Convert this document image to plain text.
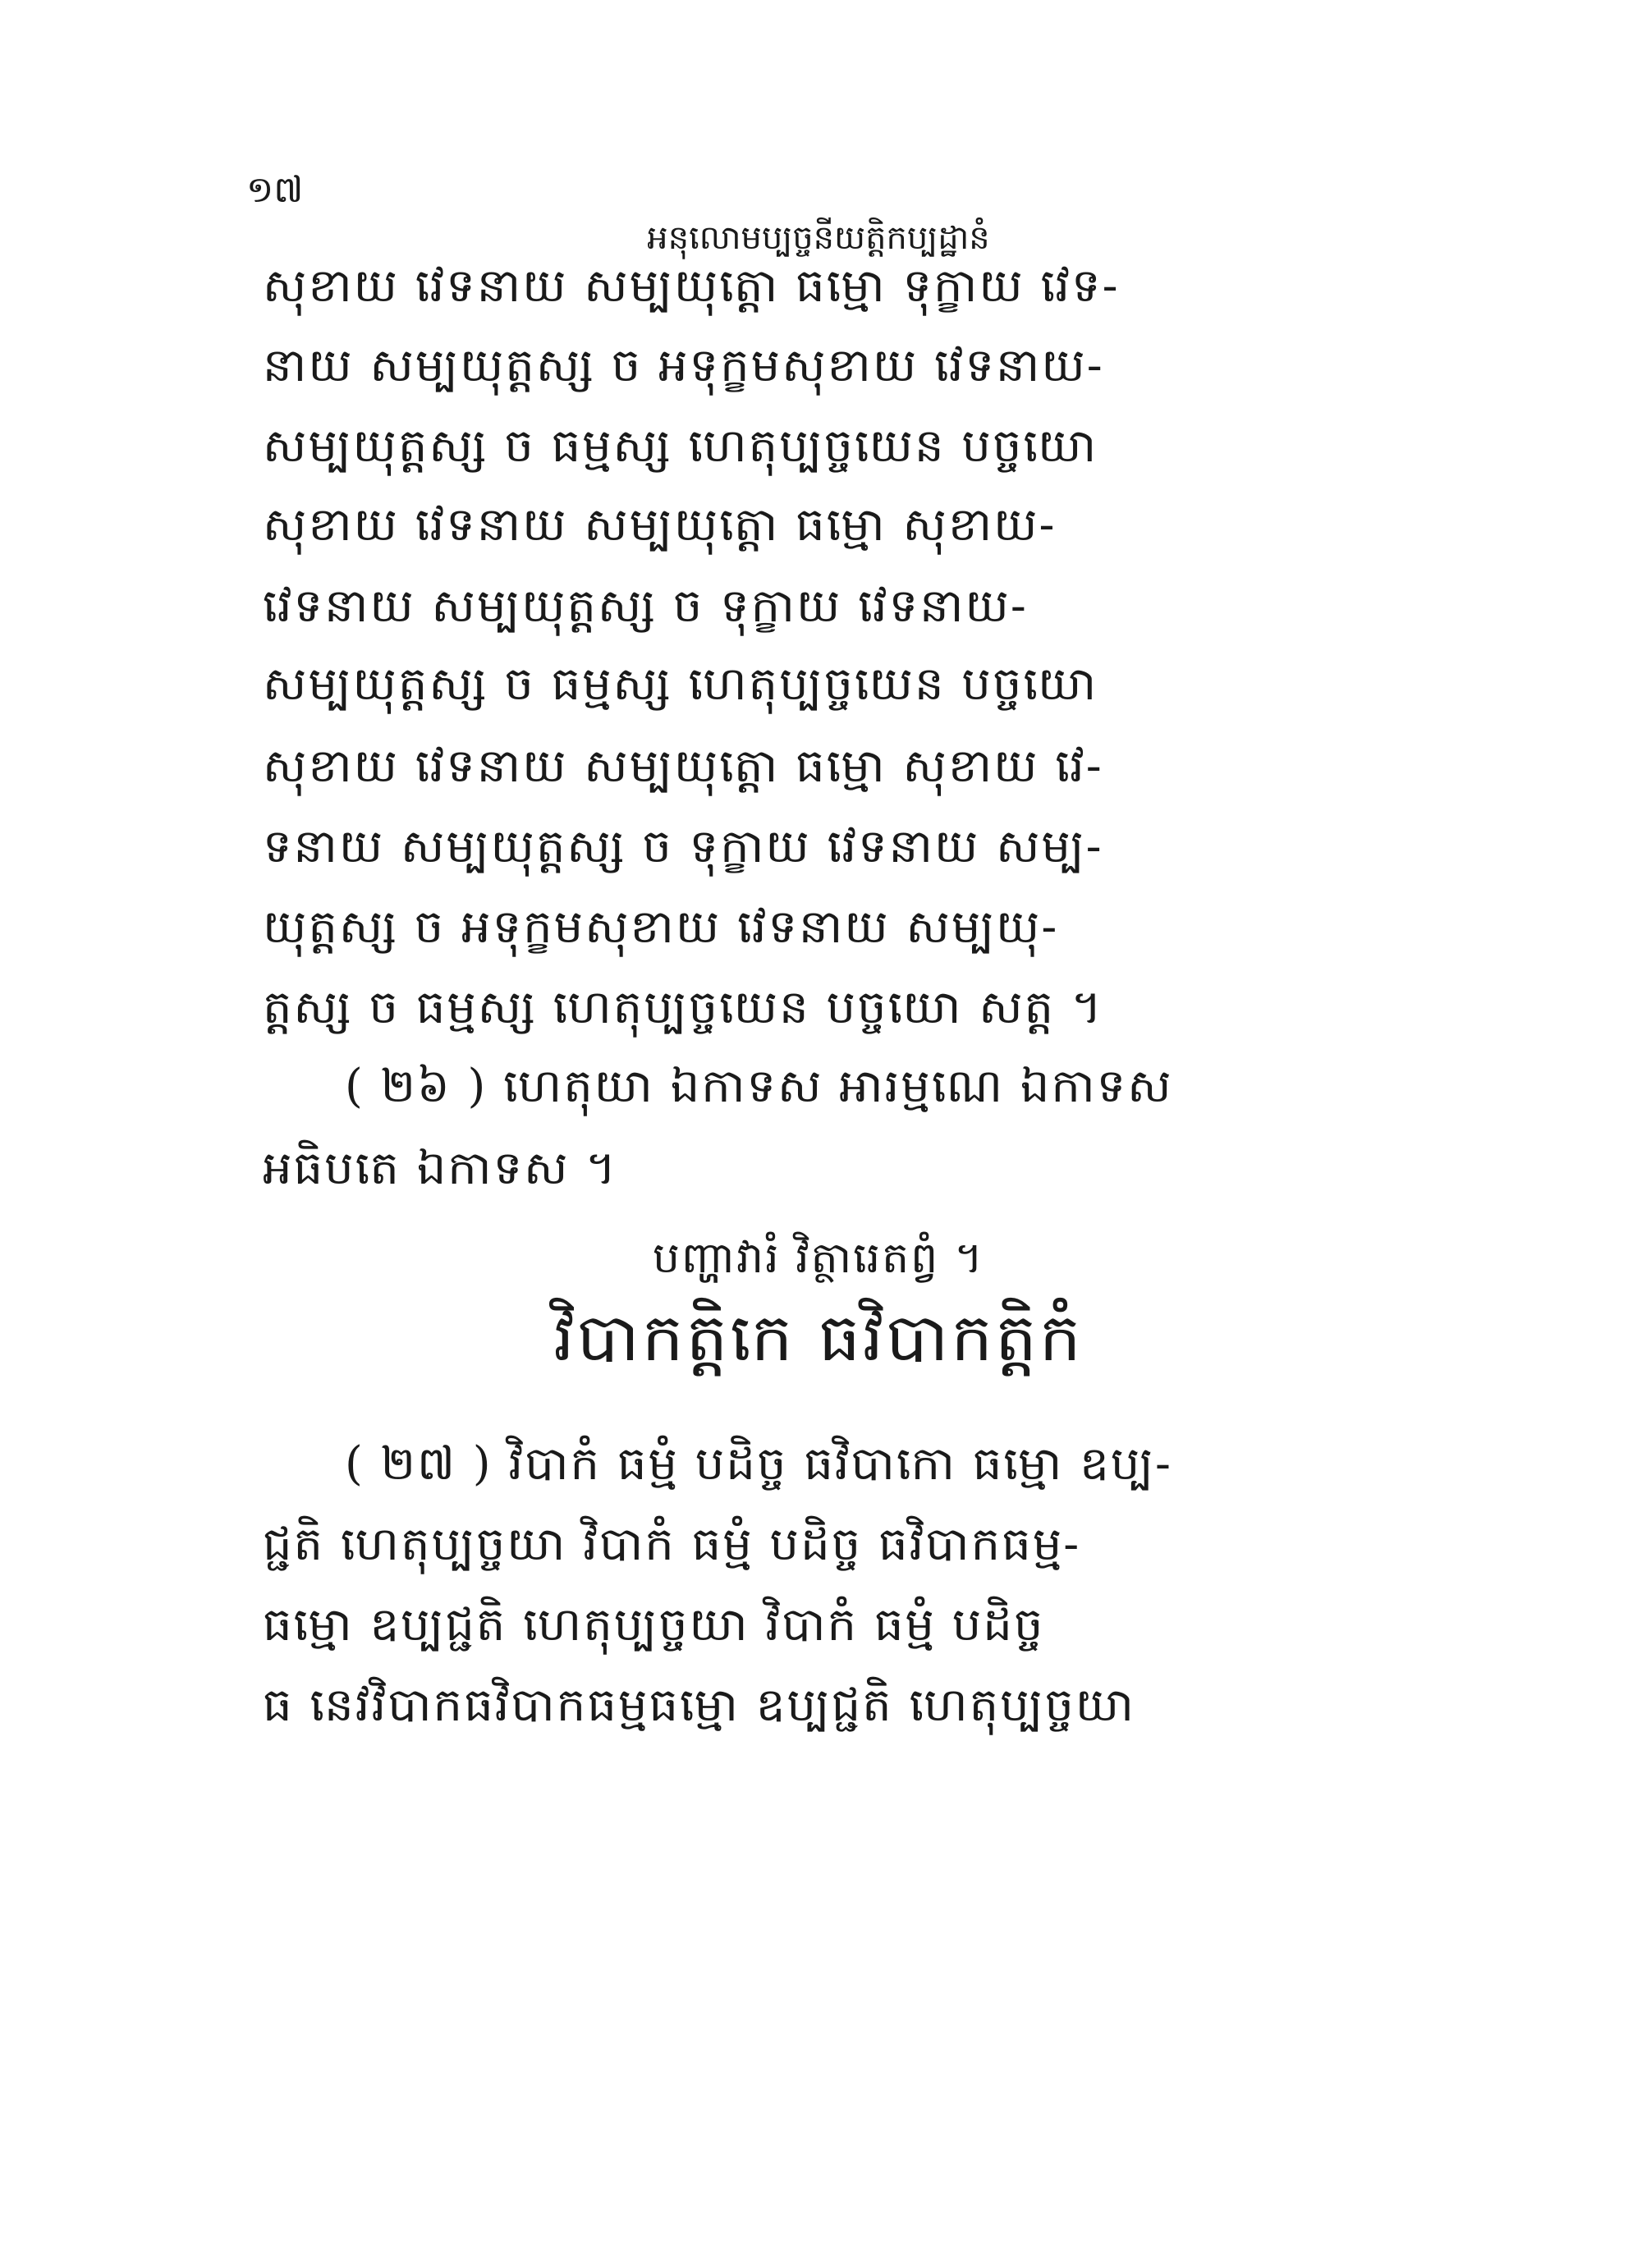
១៧
អនុលោមប្បច្ចនីយត្តិកប្បដ្ឋានំ
សុខាយ វេទនាយ សម្បយុត្តោ ធម្មោ ទុក្ខាយ វេទ-
នាយ សម្បយុត្តស្ស ច អទុក្ខមសុខាយ វេទនាយ-
សម្បយុត្តស្ស ច ធម្មស្ស ហេតុប្បច្ចយេន បច្ចយោ
សុខាយ វេទនាយ សម្បយុត្តោ ធម្មោ សុខាយ-
វេទនាយ សម្បយុត្តស្ស ច ទុក្ខាយ វេទនាយ-
សម្បយុត្តស្ស ច ធម្មស្ស ហេតុប្បច្ចយេន បច្ចយោ
សុខាយ វេទនាយ សម្បយុត្តោ ធម្មោ សុខាយ វេ-
ទនាយ សម្បយុត្តស្ស ច ទុក្ខាយ វេទនាយ សម្ប-
យុត្តស្ស ច អទុក្ខមសុខាយ វេទនាយ សម្បយុ-
ត្តស្ស ច ធម្មស្ស ហេតុប្បច្ចយេន បច្ចយោ សត្ត ។
( ២៦ ) ហេតុយា ឯកាទស អារម្មណេ ឯកាទស
អធិបតេ ឯកាទស ។
បញ្ហាវារំ វិត្ថារេតព្វំ ។
វិបាកត្តិកេ ធវិបាកត្តិកំ
( ២៧ ) វិបាកំ ធម្មំ បដិច្ច ធវិបាកោ ធម្មោ ឧប្ប-
ជ្ជតិ ហេតុប្បច្ចយា វិបាកំ ធម្មំ បដិច្ច ធវិបាកធម្ម-
ធម្មោ ឧប្បជ្ជតិ ហេតុប្បច្ចយា វិបាកំ ធម្មំ បដិច្ច
ធ នេវវិបាកធវិបាកធម្មធម្មោ ឧប្បជ្ជតិ ហេតុប្បច្ចយា
